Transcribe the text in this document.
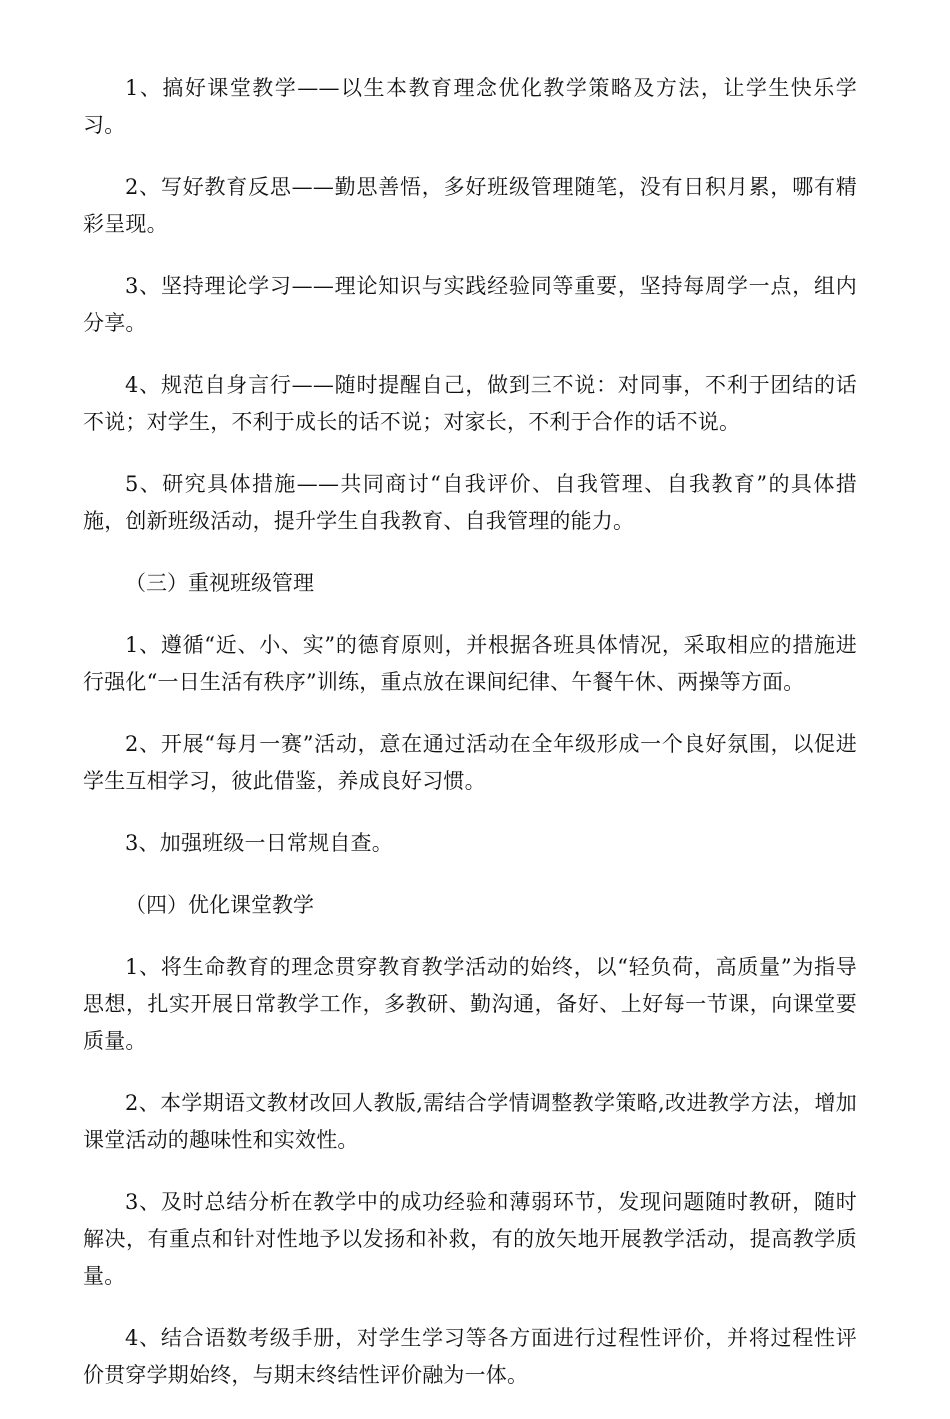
1、搞好课堂教学——以生本教育理念优化教学策略及方法，让学生快乐学习。

2、写好教育反思——勤思善悟，多好班级管理随笔，没有日积月累，哪有精彩呈现。

3、坚持理论学习——理论知识与实践经验同等重要，坚持每周学一点，组内分享。

4、规范自身言行——随时提醒自己，做到三不说：对同事，不利于团结的话不说；对学生，不利于成长的话不说；对家长，不利于合作的话不说。

5、研究具体措施——共同商讨“自我评价、自我管理、自我教育”的具体措施，创新班级活动，提升学生自我教育、自我管理的能力。

（三）重视班级管理

1、遵循“近、小、实”的德育原则，并根据各班具体情况，采取相应的措施进行强化“一日生活有秩序”训练，重点放在课间纪律、午餐午休、两操等方面。

2、开展“每月一赛”活动，意在通过活动在全年级形成一个良好氛围，以促进学生互相学习，彼此借鉴，养成良好习惯。

3、加强班级一日常规自查。

（四）优化课堂教学

1、将生命教育的理念贯穿教育教学活动的始终，以“轻负荷，高质量”为指导思想，扎实开展日常教学工作，多教研、勤沟通，备好、上好每一节课，向课堂要质量。

2、本学期语文教材改回人教版,需结合学情调整教学策略,改进教学方法，增加课堂活动的趣味性和实效性。

3、及时总结分析在教学中的成功经验和薄弱环节，发现问题随时教研，随时解决，有重点和针对性地予以发扬和补救，有的放矢地开展教学活动，提高教学质量。

4、结合语数考级手册，对学生学习等各方面进行过程性评价，并将过程性评价贯穿学期始终，与期末终结性评价融为一体。
